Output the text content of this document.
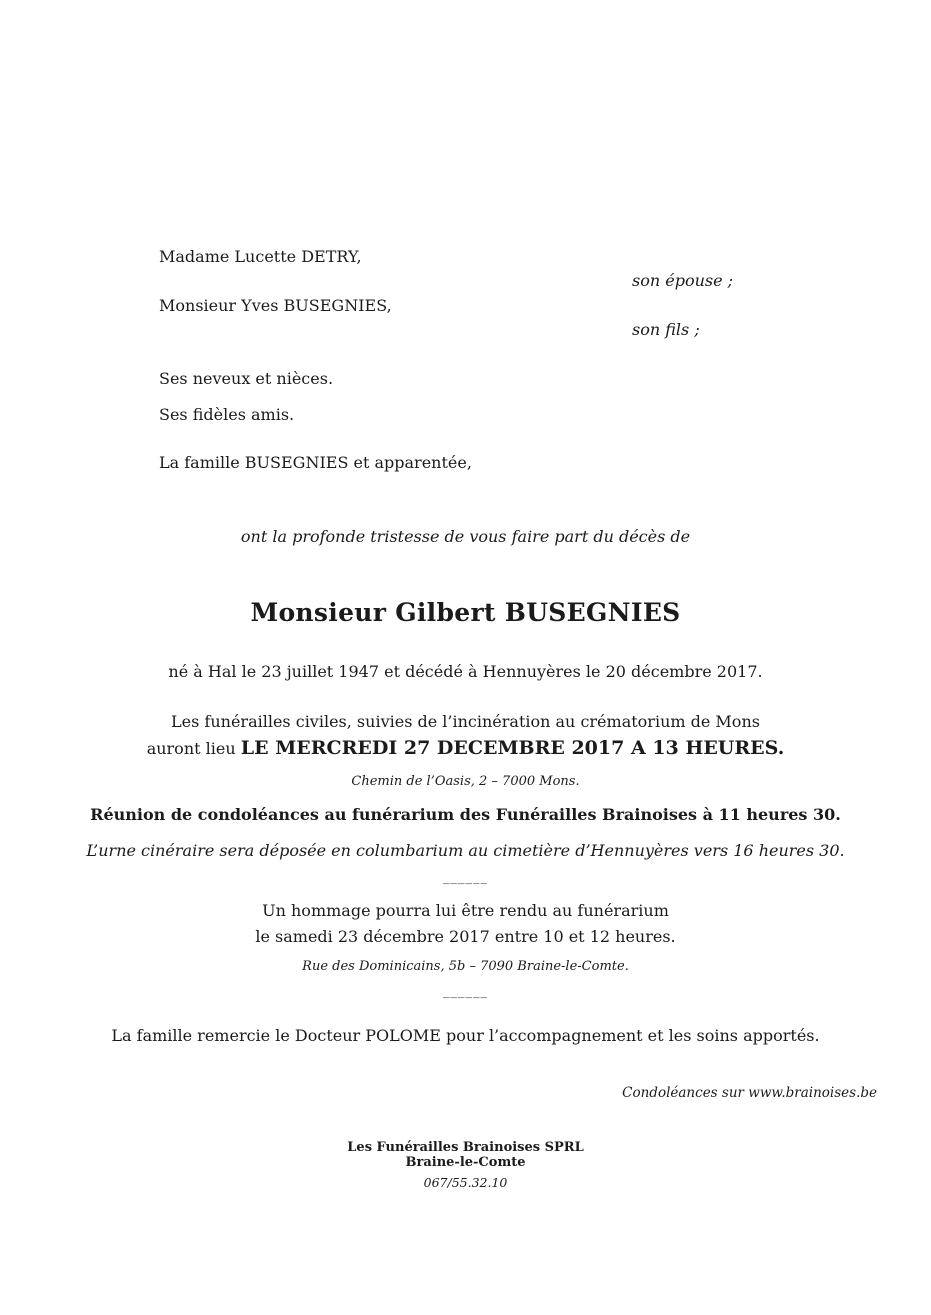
Madame Lucette DETRY,
son épouse ;
Monsieur Yves BUSEGNIES,
son fils ;
Ses neveux et nièces.
Ses fidèles amis.
La famille BUSEGNIES et apparentée,
ont la profonde tristesse de vous faire part du décès de
Monsieur Gilbert BUSEGNIES
né à Hal le 23 juillet 1947 et décédé à Hennuyères le 20 décembre 2017.
Les funérailles civiles, suivies de l’incinération au crématorium de Mons
auront lieu LE MERCREDI 27 DECEMBRE 2017 A 13 HEURES.
Chemin de l’Oasis, 2 – 7000 Mons.
Réunion de condoléances au funérarium des Funérailles Brainoises à 11 heures 30.
L’urne cinéraire sera déposée en columbarium au cimetière d’Hennuyères vers 16 heures 30.
______
Un hommage pourra lui être rendu au funérarium
le samedi 23 décembre 2017 entre 10 et 12 heures.
Rue des Dominicains, 5b – 7090 Braine-le-Comte.
______
La famille remercie le Docteur POLOME pour l’accompagnement et les soins apportés.
Condoléances sur www.brainoises.be
Les Funérailles Brainoises SPRL
Braine-le-Comte
067/55.32.10
